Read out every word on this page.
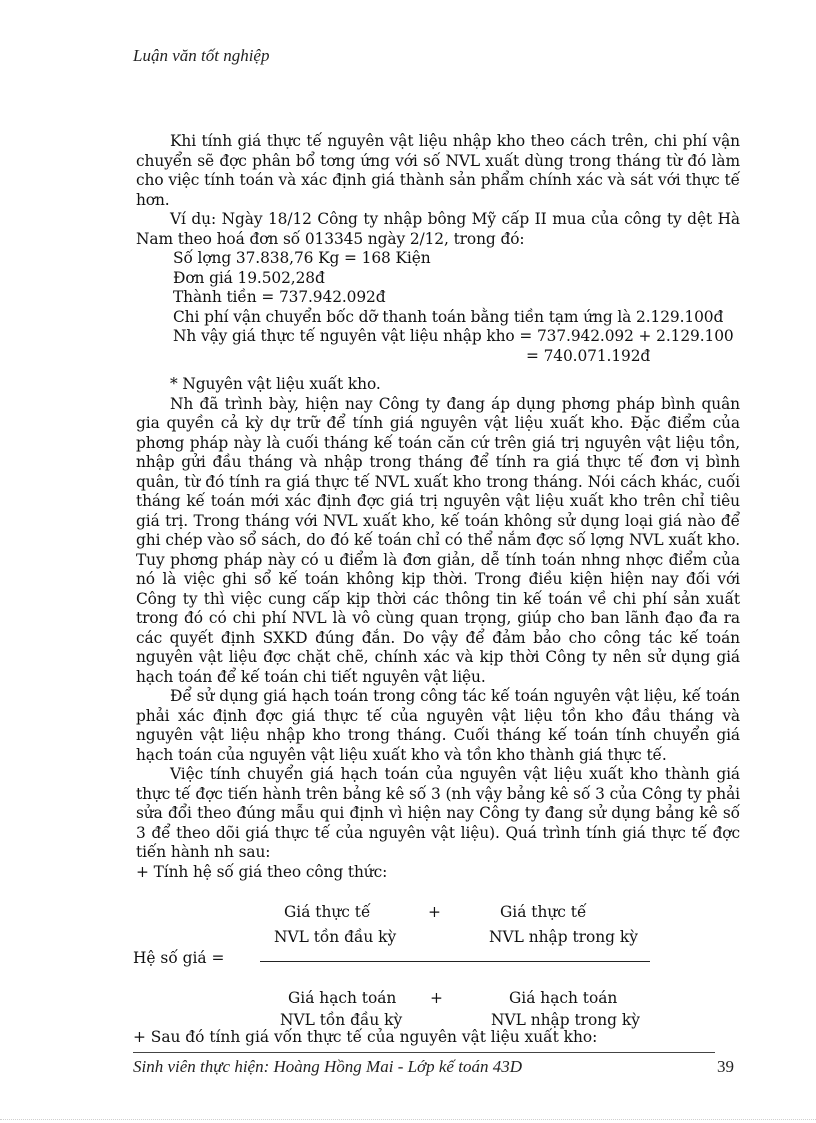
Luận văn tốt nghiệp

Khi tính giá thực tế nguyên vật liệu nhập kho theo cách trên, chi phí vận chuyển sẽ đợc phân bổ tơng ứng với số NVL xuất dùng trong tháng từ đó làm cho việc tính toán và xác định giá thành sản phẩm chính xác và sát với thực tế hơn.

Ví dụ: Ngày 18/12 Công ty nhập bông Mỹ cấp II mua của công ty dệt Hà Nam theo hoá đơn số 013345 ngày 2/12, trong đó:

Số lợng 37.838,76 Kg = 168 Kiện

Đơn giá 19.502,28đ

Thành tiền = 737.942.092đ

Chi phí vận chuyển bốc dỡ thanh toán bằng tiền tạm ứng là 2.129.100đ

Nh vậy giá thực tế nguyên vật liệu nhập kho = 737.942.092 + 2.129.100

= 740.071.192đ

* Nguyên vật liệu xuất kho.

Nh đã trình bày, hiện nay Công ty đang áp dụng phơng pháp bình quân gia quyền cả kỳ dự trữ để tính giá nguyên vật liệu xuất kho. Đặc điểm của phơng pháp này là cuối tháng kế toán căn cứ trên giá trị nguyên vật liệu tồn, nhập gửi đầu tháng và nhập trong tháng để tính ra giá thực tế đơn vị bình quân, từ đó tính ra giá thực tế NVL xuất kho trong tháng. Nói cách khác, cuối tháng kế toán mới xác định đợc giá trị nguyên vật liệu xuất kho trên chỉ tiêu giá trị. Trong tháng với NVL xuất kho, kế toán không sử dụng loại giá nào để ghi chép vào sổ sách, do đó kế toán chỉ có thể nắm đợc số lợng NVL xuất kho. Tuy phơng pháp này có u điểm là đơn giản, dễ tính toán nhng nhợc điểm của nó là việc ghi sổ kế toán không kịp thời. Trong điều kiện hiện nay đối với Công ty thì việc cung cấp kịp thời các thông tin kế toán về chi phí sản xuất trong đó có chi phí NVL là vô cùng quan trọng, giúp cho ban lãnh đạo đa ra các quyết định SXKD đúng đắn. Do vậy để đảm bảo cho công tác kế toán nguyên vật liệu đợc chặt chẽ, chính xác và kịp thời Công ty nên sử dụng giá hạch toán để kế toán chi tiết nguyên vật liệu.

Để sử dụng giá hạch toán trong công tác kế toán nguyên vật liệu, kế toán phải xác định đợc giá thực tế của nguyên vật liệu tồn kho đầu tháng và nguyên vật liệu nhập kho trong tháng. Cuối tháng kế toán tính chuyển giá hạch toán của nguyên vật liệu xuất kho và tồn kho thành giá thực tế.

Việc tính chuyển giá hạch toán của nguyên vật liệu xuất kho thành giá thực tế đợc tiến hành trên bảng kê số 3 (nh vậy bảng kê số 3 của Công ty phải sửa đổi theo đúng mẫu qui định vì hiện nay Công ty đang sử dụng bảng kê số 3 để theo dõi giá thực tế của nguyên vật liệu). Quá trình tính giá thực tế đợc tiến hành nh sau:

+ Tính hệ số giá theo công thức:

Giá thực tế	+	Giá thực tế
NVL tồn đầu kỳ	NVL nhập trong kỳ
Hệ số giá =
Giá hạch toán +	Giá hạch toán
NVL tồn đầu kỳ	NVL nhập trong kỳ
+ Sau đó tính giá vốn thực tế của nguyên vật liệu xuất kho:
Sinh viên thực hiện: Hoàng Hồng Mai - Lớp kế toán 43D	39
